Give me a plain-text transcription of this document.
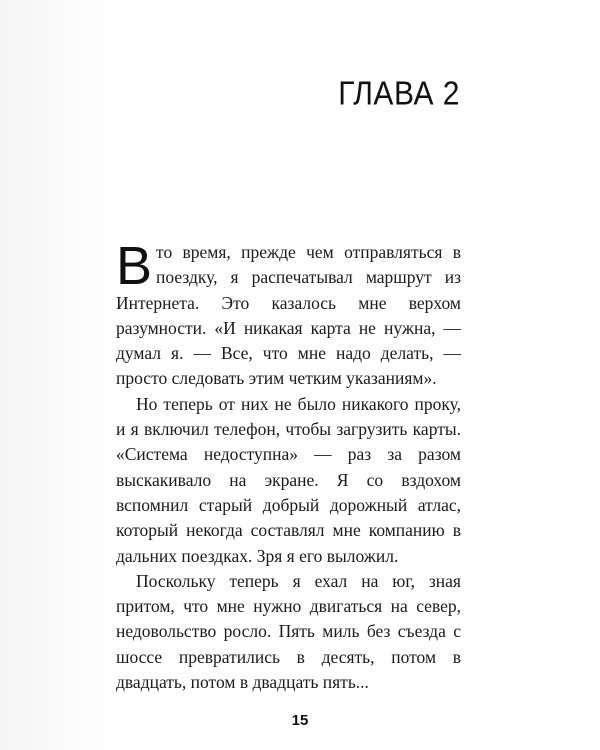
ГЛАВА 2

Вто время, прежде чем отправляться в поездку, я распечатывал маршрут из Интернета. Это казалось мне верхом разумности. «И никакая карта не нужна, — думал я. — Все, что мне надо делать, — просто следовать этим четким указаниям».

Но теперь от них не было никакого проку, и я включил телефон, чтобы загрузить карты. «Система недоступна» — раз за разом выскакивало на экране. Я со вздохом вспомнил старый добрый дорожный атлас, который некогда составлял мне компанию в дальних поездках. Зря я его выложил.

Поскольку теперь я ехал на юг, зная притом, что мне нужно двигаться на север, недовольство росло. Пять миль без съезда с шоссе превратились в десять, потом в двадцать, потом в двадцать пять...

15
